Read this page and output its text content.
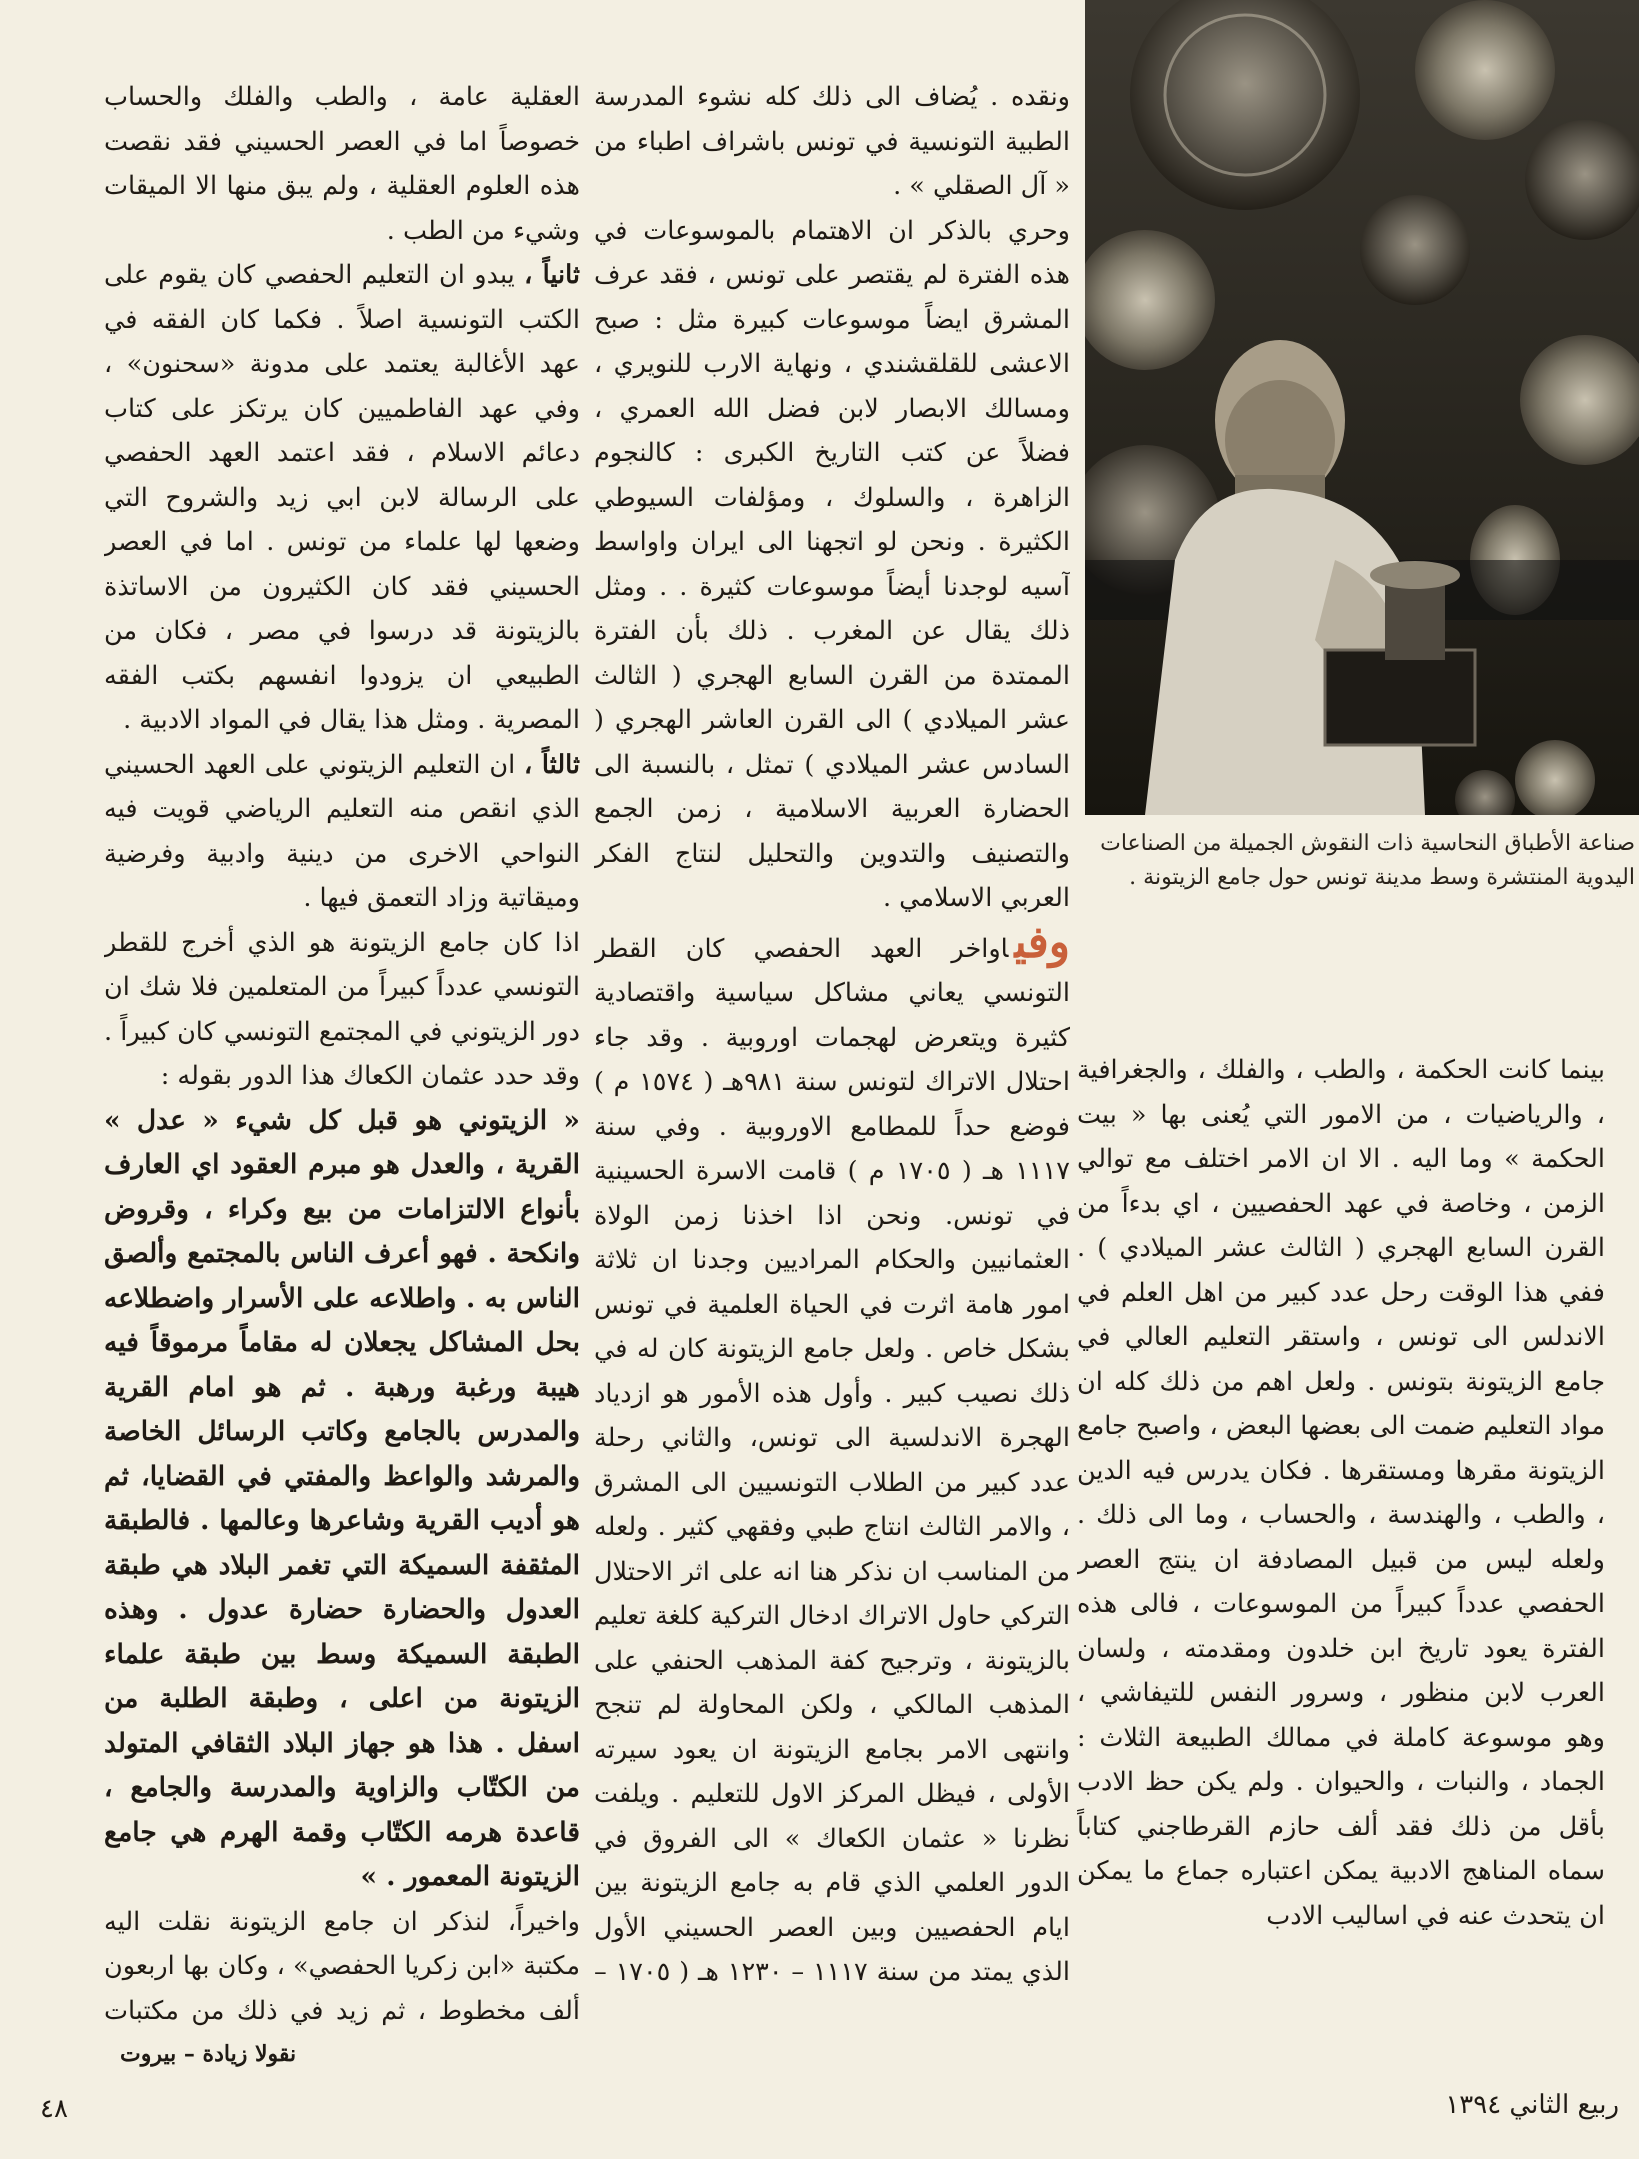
صناعة الأطباق النحاسية ذات النقوش الجميلة من الصناعات اليدوية المنتشرة وسط مدينة تونس حول جامع الزيتونة .

بينما كانت الحكمة ، والطب ، والفلك ، والجغرافية ، والرياضيات ، من الامور التي يُعنى بها « بيت الحكمة » وما اليه . الا ان الامر اختلف مع توالي الزمن ، وخاصة في عهد الحفصيين ، اي بدءاً من القرن السابع الهجري ( الثالث عشر الميلادي ) . ففي هذا الوقت رحل عدد كبير من اهل العلم في الاندلس الى تونس ، واستقر التعليم العالي في جامع الزيتونة بتونس . ولعل اهم من ذلك كله ان مواد التعليم ضمت الى بعضها البعض ، واصبح جامع الزيتونة مقرها ومستقرها . فكان يدرس فيه الدين ، والطب ، والهندسة ، والحساب ، وما الى ذلك . ولعله ليس من قبيل المصادفة ان ينتج العصر الحفصي عدداً كبيراً من الموسوعات ، فالى هذه الفترة يعود تاريخ ابن خلدون ومقدمته ، ولسان العرب لابن منظور ، وسرور النفس للتيفاشي ، وهو موسوعة كاملة في ممالك الطبيعة الثلاث : الجماد ، والنبات ، والحيوان . ولم يكن حظ الادب بأقل من ذلك فقد ألف حازم القرطاجني كتاباً سماه المناهج الادبية يمكن اعتباره جماع ما يمكن ان يتحدث عنه في اساليب الادب

ونقده . يُضاف الى ذلك كله نشوء المدرسة الطبية التونسية في تونس باشراف اطباء من « آل الصقلي » .

وحري بالذكر ان الاهتمام بالموسوعات في هذه الفترة لم يقتصر على تونس ، فقد عرف المشرق ايضاً موسوعات كبيرة مثل : صبح الاعشى للقلقشندي ، ونهاية الارب للنويري ، ومسالك الابصار لابن فضل الله العمري ، فضلاً عن كتب التاريخ الكبرى : كالنجوم الزاهرة ، والسلوك ، ومؤلفات السيوطي الكثيرة . ونحن لو اتجهنا الى ايران واواسط آسيه لوجدنا أيضاً موسوعات كثيرة . . ومثل ذلك يقال عن المغرب . ذلك بأن الفترة الممتدة من القرن السابع الهجري ( الثالث عشر الميلادي ) الى القرن العاشر الهجري ( السادس عشر الميلادي ) تمثل ، بالنسبة الى الحضارة العربية الاسلامية ، زمن الجمع والتصنيف والتدوين والتحليل لنتاج الفكر العربي الاسلامي .

وفياواخر العهد الحفصي كان القطر التونسي يعاني مشاكل سياسية واقتصادية كثيرة ويتعرض لهجمات اوروبية . وقد جاء احتلال الاتراك لتونس سنة ٩٨١هـ ( ١٥٧٤ م ) فوضع حداً للمطامع الاوروبية . وفي سنة ١١١٧ هـ ( ١٧٠٥ م ) قامت الاسرة الحسينية في تونس. ونحن اذا اخذنا زمن الولاة العثمانيين والحكام المراديين وجدنا ان ثلاثة امور هامة اثرت في الحياة العلمية في تونس بشكل خاص . ولعل جامع الزيتونة كان له في ذلك نصيب كبير . وأول هذه الأمور هو ازدياد الهجرة الاندلسية الى تونس، والثاني رحلة عدد كبير من الطلاب التونسيين الى المشرق ، والامر الثالث انتاج طبي وفقهي كثير . ولعله من المناسب ان نذكر هنا انه على اثر الاحتلال التركي حاول الاتراك ادخال التركية كلغة تعليم بالزيتونة ، وترجيح كفة المذهب الحنفي على المذهب المالكي ، ولكن المحاولة لم تنجح وانتهى الامر بجامع الزيتونة ان يعود سيرته الأولى ، فيظل المركز الاول للتعليم . ويلفت نظرنا « عثمان الكعاك » الى الفروق في الدور العلمي الذي قام به جامع الزيتونة بين ايام الحفصيين وبين العصر الحسيني الأول الذي يمتد من سنة ١١١٧ – ١٢٣٠ هـ ( ١٧٠٥ –

العقلية عامة ، والطب والفلك والحساب خصوصاً اما في العصر الحسيني فقد نقصت هذه العلوم العقلية ، ولم يبق منها الا الميقات وشيء من الطب .

ثانياً ، يبدو ان التعليم الحفصي كان يقوم على الكتب التونسية اصلاً . فكما كان الفقه في عهد الأغالبة يعتمد على مدونة «سحنون» ، وفي عهد الفاطميين كان يرتكز على كتاب دعائم الاسلام ، فقد اعتمد العهد الحفصي على الرسالة لابن ابي زيد والشروح التي وضعها لها علماء من تونس . اما في العصر الحسيني فقد كان الكثيرون من الاساتذة بالزيتونة قد درسوا في مصر ، فكان من الطبيعي ان يزودوا انفسهم بكتب الفقه المصرية . ومثل هذا يقال في المواد الادبية .

ثالثاً ، ان التعليم الزيتوني على العهد الحسيني الذي انقص منه التعليم الرياضي قويت فيه النواحي الاخرى من دينية وادبية وفرضية وميقاتية وزاد التعمق فيها .

اذا كان جامع الزيتونة هو الذي أخرج للقطر التونسي عدداً كبيراً من المتعلمين فلا شك ان دور الزيتوني في المجتمع التونسي كان كبيراً . وقد حدد عثمان الكعاك هذا الدور بقوله :

« الزيتوني هو قبل كل شيء « عدل » القرية ، والعدل هو مبرم العقود اي العارف بأنواع الالتزامات من بيع وكراء ، وقروض وانكحة . فهو أعرف الناس بالمجتمع وألصق الناس به . واطلاعه على الأسرار واضطلاعه بحل المشاكل يجعلان له مقاماً مرموقاً فيه هيبة ورغبة ورهبة . ثم هو امام القرية والمدرس بالجامع وكاتب الرسائل الخاصة والمرشد والواعظ والمفتي في القضايا، ثم هو أديب القرية وشاعرها وعالمها . فالطبقة المثقفة السميكة التي تغمر البلاد هي طبقة العدول والحضارة حضارة عدول . وهذه الطبقة السميكة وسط بين طبقة علماء الزيتونة من اعلى ، وطبقة الطلبة من اسفل . هذا هو جهاز البلاد الثقافي المتولد من الكتّاب والزاوية والمدرسة والجامع ، قاعدة هرمه الكتّاب وقمة الهرم هي جامع الزيتونة المعمور . »

واخيراً، لنذكر ان جامع الزيتونة نقلت اليه مكتبة «ابن زكريا الحفصي» ، وكان بها اربعون ألف مخطوط ، ثم زيد في ذلك من مكتبات

نقولا زيادة – بيروت
٤٨	ربيع الثاني ١٣٩٤
